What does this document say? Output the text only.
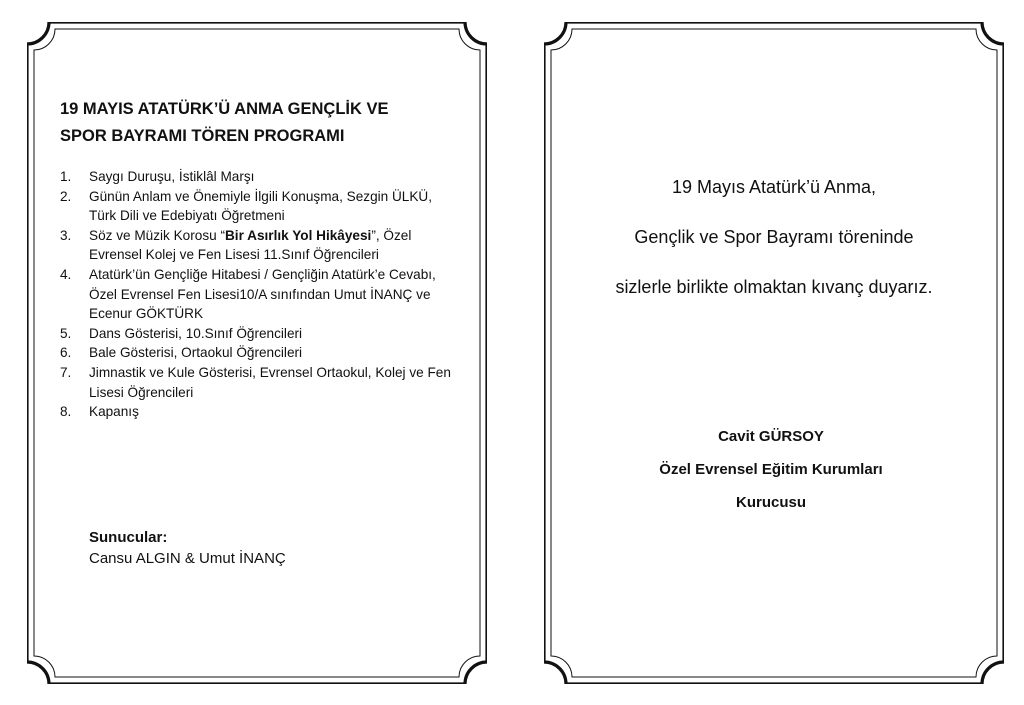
19 MAYIS ATATÜRK’Ü ANMA GENÇLİK VE
SPOR BAYRAMI TÖREN PROGRAMI
1. Saygı Duruşu, İstiklâl Marşı
2. Günün Anlam ve Önemiyle İlgili Konuşma, Sezgin ÜLKÜ, Türk Dili ve Edebiyatı Öğretmeni
3. Söz ve Müzik Korosu “Bir Asırlık Yol Hikâyesi”, Özel Evrensel Kolej ve Fen Lisesi 11.Sınıf Öğrencileri
4. Atatürk’ün Gençliğe Hitabesi / Gençliğin Atatürk’e Cevabı, Özel Evrensel Fen Lisesi10/A sınıfından Umut İNANÇ ve Ecenur GÖKTÜRK
5. Dans Gösterisi, 10.Sınıf Öğrencileri
6. Bale Gösterisi, Ortaokul Öğrencileri
7. Jimnastik ve Kule Gösterisi, Evrensel Ortaokul, Kolej ve Fen Lisesi Öğrencileri
8. Kapanış
Sunucular:
Cansu ALGIN & Umut İNANÇ
19 Mayıs Atatürk’ü Anma,
Gençlik ve Spor Bayramı töreninde
sizlerle birlikte olmaktan kıvanç duyarız.
Cavit GÜRSOY
Özel Evrensel Eğitim Kurumları
Kurucusu
